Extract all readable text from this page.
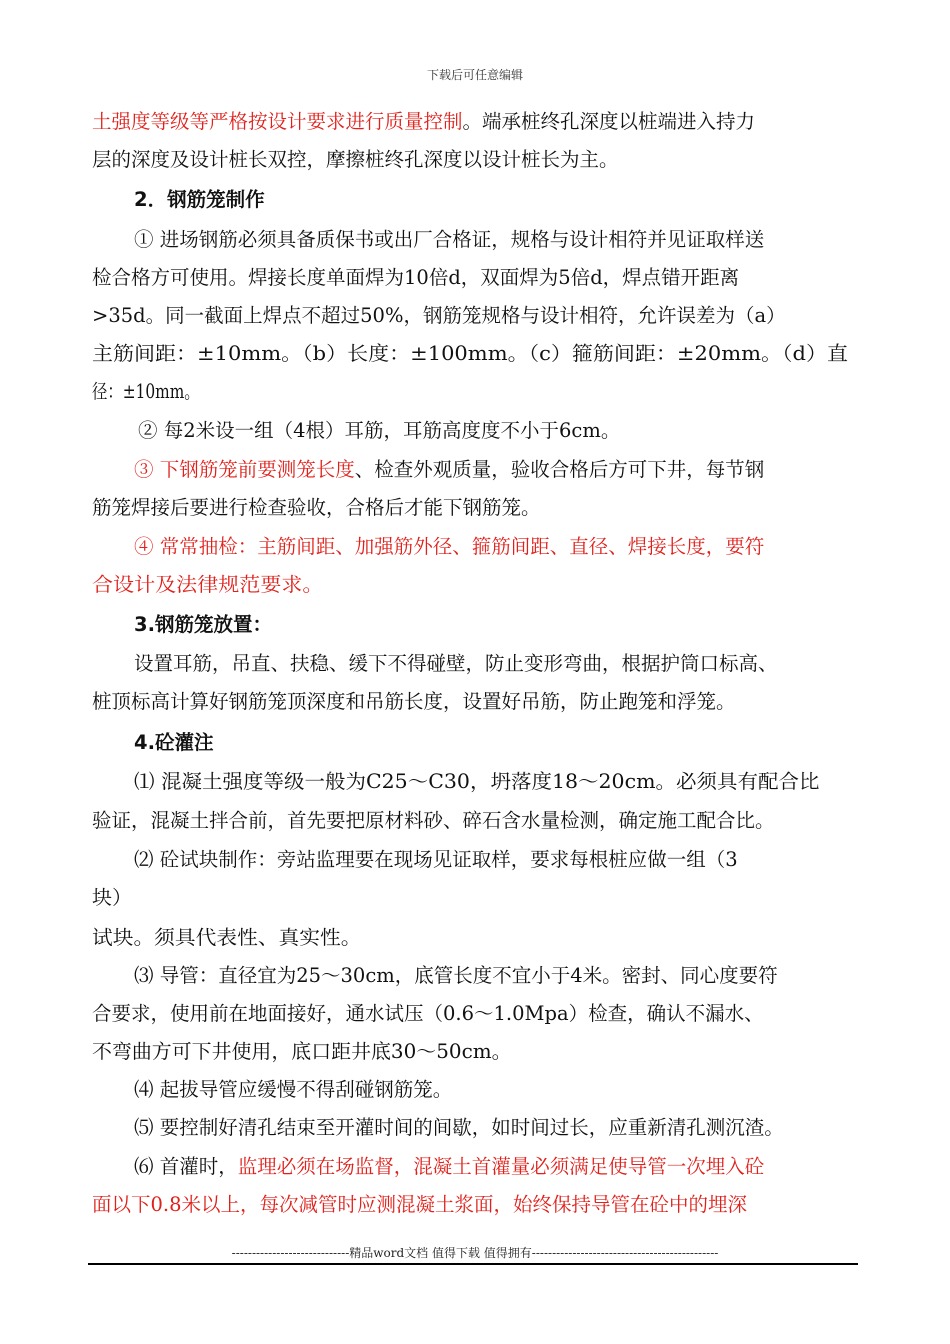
下载后可任意编辑
土强度等级等严格按设计要求进行质量控制。端承桩终孔深度以桩端进入持力
层的深度及设计桩长双控，摩擦桩终孔深度以设计桩长为主。
2．钢筋笼制作
① 进场钢筋必须具备质保书或出厂合格证，规格与设计相符并见证取样送
检合格方可使用。焊接长度单面焊为10倍d，双面焊为5倍d，焊点错开距离
>35d。同一截面上焊点不超过50%，钢筋笼规格与设计相符，允许误差为（a）
主筋间距：±10mm。（b）长度：±100mm。（c）箍筋间距：±20mm。（d）直
径：±10mm。
② 每2米设一组（4根）耳筋，耳筋高度度不小于6cm。
③ 下钢筋笼前要测笼长度、检查外观质量，验收合格后方可下井，每节钢
筋笼焊接后要进行检查验收，合格后才能下钢筋笼。
④ 常常抽检：主筋间距、加强筋外径、箍筋间距、直径、焊接长度，要符
合设计及法律规范要求。
3.钢筋笼放置：
设置耳筋，吊直、扶稳、缓下不得碰壁，防止变形弯曲，根据护筒口标高、
桩顶标高计算好钢筋笼顶深度和吊筋长度，设置好吊筋，防止跑笼和浮笼。
4.砼灌注
⑴ 混凝土强度等级一般为C25～C30，坍落度18～20cm。必须具有配合比
验证，混凝土拌合前，首先要把原材料砂、碎石含水量检测，确定施工配合比。
⑵ 砼试块制作：旁站监理要在现场见证取样，要求每根桩应做一组（3
块）
试块。须具代表性、真实性。
⑶ 导管：直径宜为25～30cm，底管长度不宜小于4米。密封、同心度要符
合要求，使用前在地面接好，通水试压（0.6～1.0Mpa）检查，确认不漏水、
不弯曲方可下井使用，底口距井底30～50cm。
⑷ 起拔导管应缓慢不得刮碰钢筋笼。
⑸ 要控制好清孔结束至开灌时间的间歇，如时间过长，应重新清孔测沉渣。
⑹ 首灌时，监理必须在场监督，混凝土首灌量必须满足使导管一次埋入砼
面以下0.8米以上，每次减管时应测混凝土浆面，始终保持导管在砼中的埋深
-----------------------------精品word文档 值得下载 值得拥有----------------------------------------------
